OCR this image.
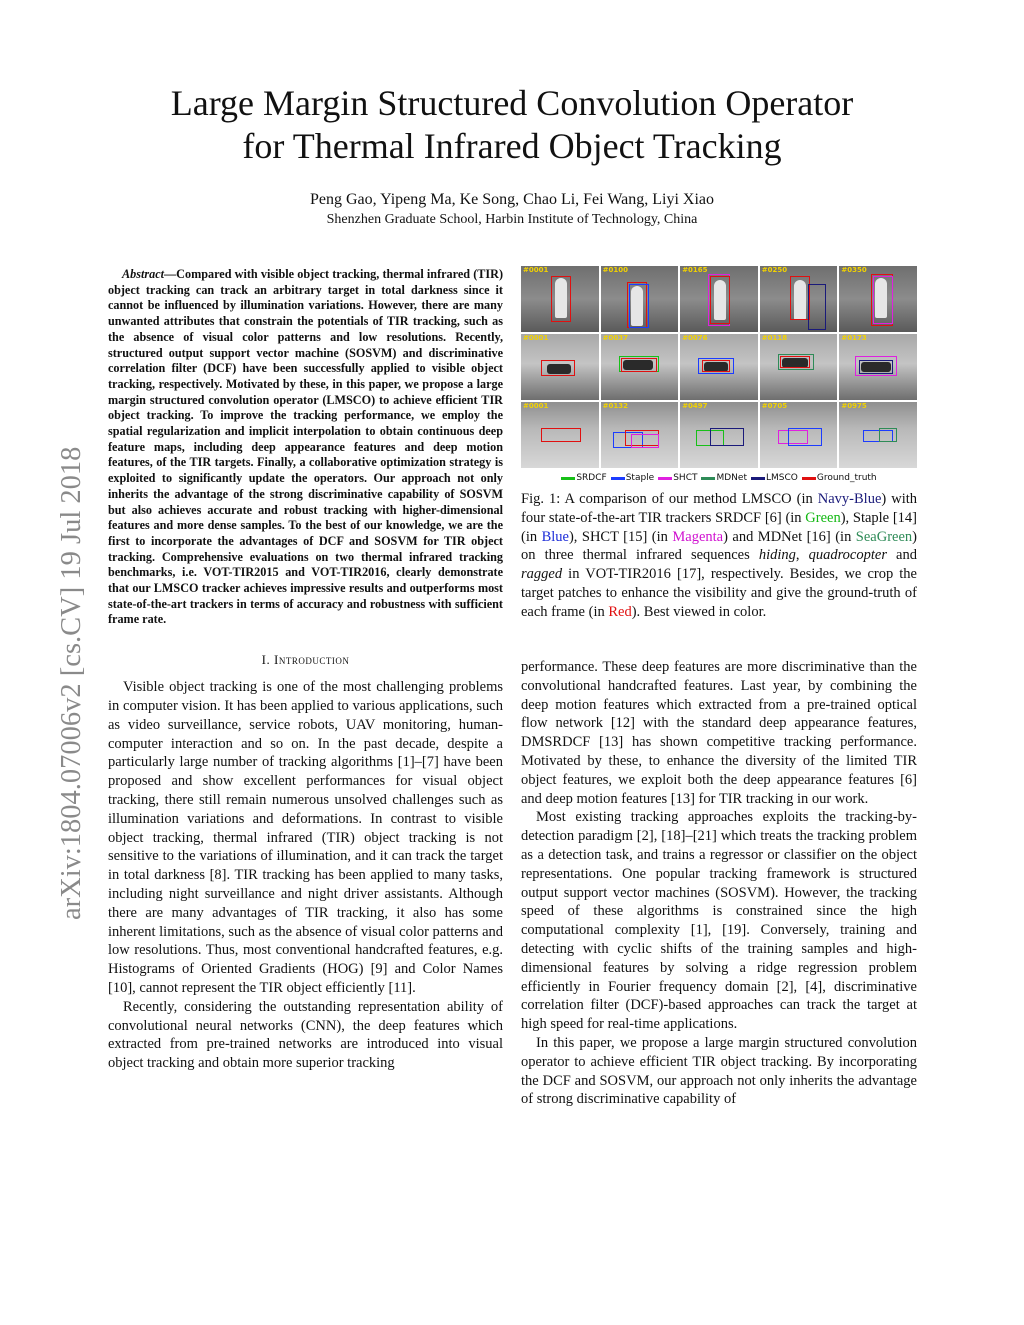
Large Margin Structured Convolution Operator
for Thermal Infrared Object Tracking
Peng Gao, Yipeng Ma, Ke Song, Chao Li, Fei Wang, Liyi Xiao
Shenzhen Graduate School, Harbin Institute of Technology, China
arXiv:1804.07006v2 [cs.CV] 19 Jul 2018

Abstract—Compared with visible object tracking, thermal infrared (TIR) object tracking can track an arbitrary target in total darkness since it cannot be influenced by illumination variations. However, there are many unwanted attributes that constrain the potentials of TIR tracking, such as the absence of visual color patterns and low resolutions. Recently, structured output support vector machine (SOSVM) and discriminative correlation filter (DCF) have been successfully applied to visible object tracking, respectively. Motivated by these, in this paper, we propose a large margin structured convolution operator (LMSCO) to achieve efficient TIR object tracking. To improve the tracking performance, we employ the spatial regularization and implicit interpolation to obtain continuous deep feature maps, including deep appearance features and deep motion features, of the TIR targets. Finally, a collaborative optimization strategy is exploited to significantly update the operators. Our approach not only inherits the advantage of the strong discriminative capability of SOSVM but also achieves accurate and robust tracking with higher-dimensional features and more dense samples. To the best of our knowledge, we are the first to incorporate the advantages of DCF and SOSVM for TIR object tracking. Comprehensive evaluations on two thermal infrared tracking benchmarks, i.e. VOT-TIR2015 and VOT-TIR2016, clearly demonstrate that our LMSCO tracker achieves impressive results and outperforms most state-of-the-art trackers in terms of accuracy and robustness with sufficient frame rate.

I. Introduction

Visible object tracking is one of the most challenging problems in computer vision. It has been applied to various applications, such as video surveillance, service robots, UAV monitoring, human-computer interaction and so on. In the past decade, despite a particularly large number of tracking algorithms [1]–[7] have been proposed and show excellent performances for visual object tracking, there still remain numerous unsolved challenges such as illumination variations and deformations. In contrast to visible object tracking, thermal infrared (TIR) object tracking is not sensitive to the variations of illumination, and it can track the target in total darkness [8]. TIR tracking has been applied to many tasks, including night surveillance and night driver assistants. Although there are many advantages of TIR tracking, it also has some inherent limitations, such as the absence of visual color patterns and low resolutions. Thus, most conventional handcrafted features, e.g. Histograms of Oriented Gradients (HOG) [9] and Color Names [10], cannot represent the TIR object efficiently [11].

Recently, considering the outstanding representation ability of convolutional neural networks (CNN), the deep features which extracted from pre-trained networks are introduced into visual object tracking and obtain more superior tracking

#0001	#0100	#0165	#0250	#0350
#0001	#0037	#0076	#0118	#0173
#0001	#0132	#0497	#0705	#0975
SRDCF Staple SHCT MDNet LMSCO Ground_truth
Fig. 1: A comparison of our method LMSCO (in Navy-Blue) with four state-of-the-art TIR trackers SRDCF [6] (in Green), Staple [14] (in Blue), SHCT [15] (in Magenta) and MDNet [16] (in SeaGreen) on three thermal infrared sequences hiding, quadrocopter and ragged in VOT-TIR2016 [17], respectively. Besides, we crop the target patches to enhance the visibility and give the ground-truth of each frame (in Red). Best viewed in color.

performance. These deep features are more discriminative than the convolutional handcrafted features. Last year, by combining the deep motion features which extracted from a pre-trained optical flow network [12] with the standard deep appearance features, DMSRDCF [13] has shown competitive tracking performance. Motivated by these, to enhance the diversity of the limited TIR object features, we exploit both the deep appearance features [6] and deep motion features [13] for TIR tracking in our work.

Most existing tracking approaches exploits the tracking-by-detection paradigm [2], [18]–[21] which treats the tracking problem as a detection task, and trains a regressor or classifier on the object representations. One popular tracking framework is structured output support vector machines (SOSVM). However, the tracking speed of these algorithms is constrained since the high computational complexity [1], [19]. Conversely, training and detecting with cyclic shifts of the training samples and high-dimensional features by solving a ridge regression problem efficiently in Fourier frequency domain [2], [4], discriminative correlation filter (DCF)-based approaches can track the target at high speed for real-time applications.

In this paper, we propose a large margin structured convolution operator to achieve efficient TIR object tracking. By incorporating the DCF and SOSVM, our approach not only inherits the advantage of strong discriminative capability of
